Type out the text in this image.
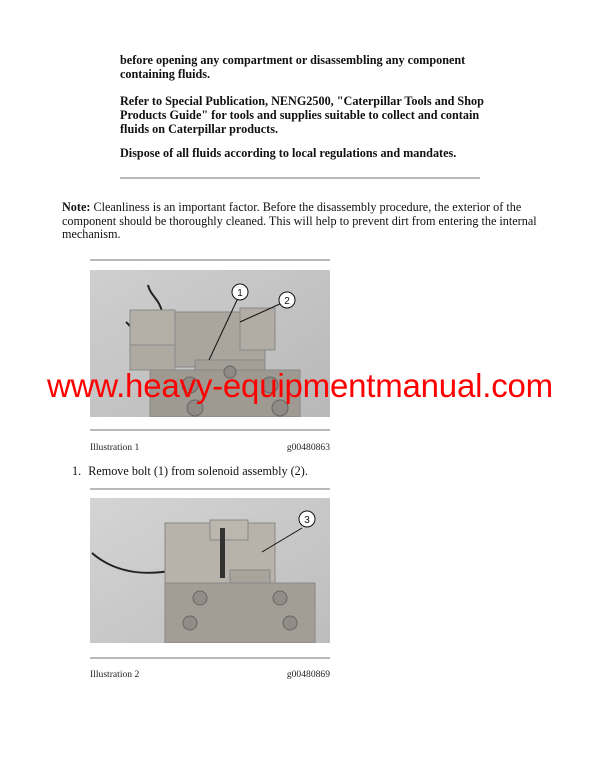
before opening any compartment or disassembling any component containing fluids.
Refer to Special Publication, NENG2500, "Caterpillar Tools and Shop Products Guide" for tools and supplies suitable to collect and contain fluids on Caterpillar products.
Dispose of all fluids according to local regulations and mandates.
Note: Cleanliness is an important factor. Before the disassembly procedure, the exterior of the component should be thoroughly cleaned. This will help to prevent dirt from entering the internal mechanism.
1
2
Illustration 1	g00480863
1. Remove bolt (1) from solenoid assembly (2).
3
Illustration 2	g00480869
www.heavy-equipmentmanual.com
